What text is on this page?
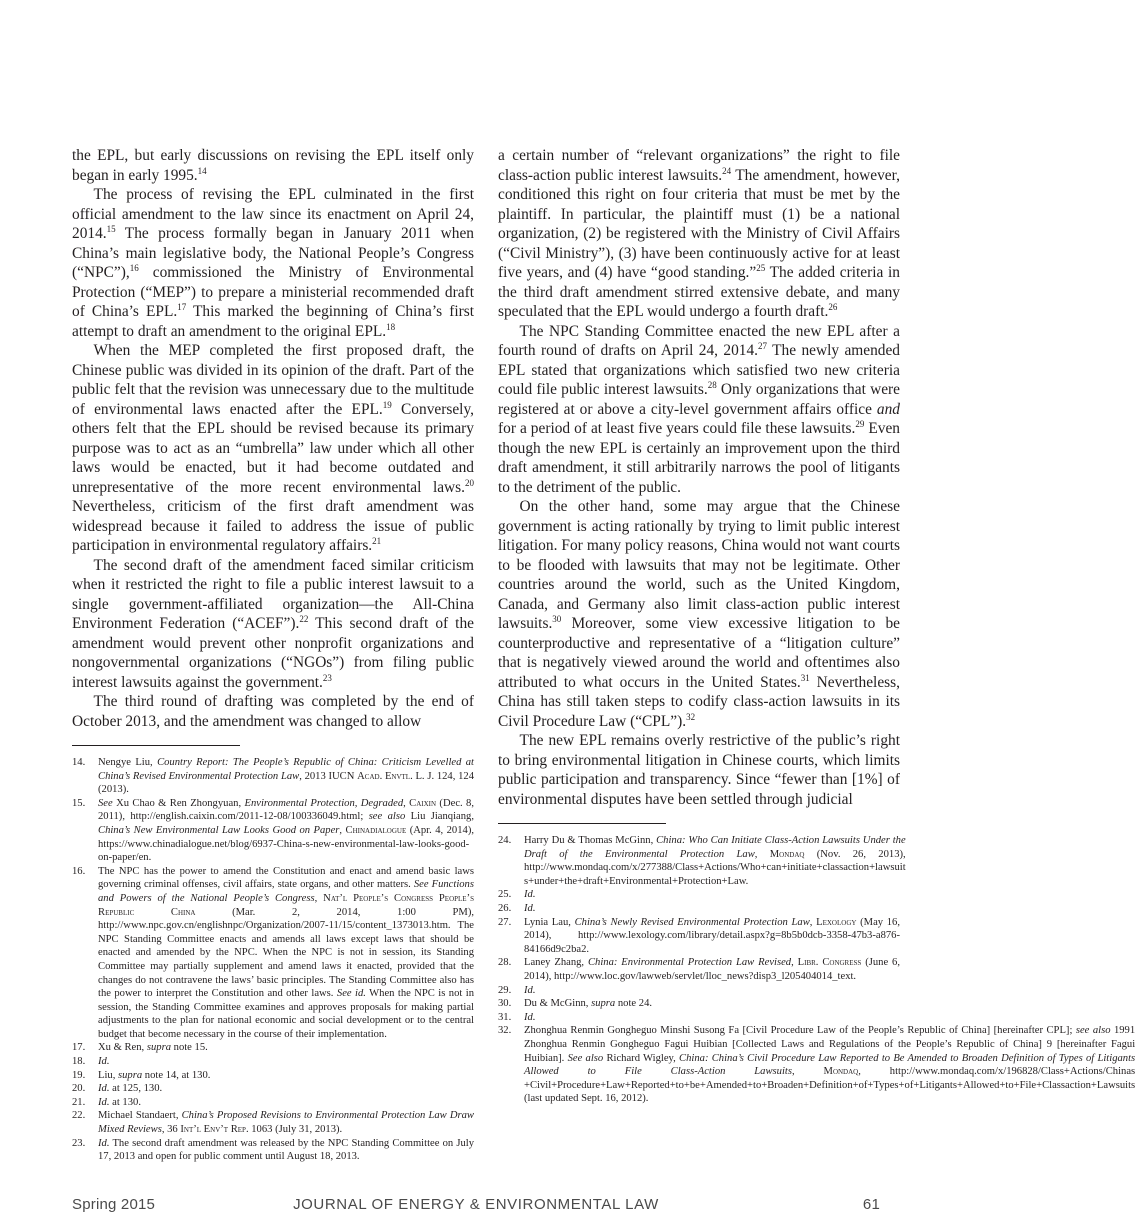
the EPL, but early discussions on revising the EPL itself only began in early 1995.14

The process of revising the EPL culminated in the first official amendment to the law since its enactment on April 24, 2014.15 The process formally began in January 2011 when China’s main legislative body, the National People’s Congress (“NPC”),$^{16}$ commissioned the Ministry of Environmental Protection (“MEP”) to prepare a ministerial recommended draft of China’s EPL.$^{17}$ This marked the beginning of China’s first attempt to draft an amendment to the original EPL.$^{18}$

When the MEP completed the first proposed draft, the Chinese public was divided in its opinion of the draft. Part of the public felt that the revision was unnecessary due to the multitude of environmental laws enacted after the EPL.$^{19}$ Conversely, others felt that the EPL should be revised because its primary purpose was to act as an “umbrella” law under which all other laws would be enacted, but it had become outdated and unrepresentative of the more recent environmental laws.$^{20}$ Nevertheless, criticism of the first draft amendment was widespread because it failed to address the issue of public participation in environmental regulatory affairs.$^{21}$

The second draft of the amendment faced similar criticism when it restricted the right to file a public interest lawsuit to a single government-affiliated organization—the All-China Environment Federation (“ACEF”).$^{22}$ This second draft of the amendment would prevent other nonprofit organizations and nongovernmental organizations (“NGOs”) from filing public interest lawsuits against the government.$^{23}$

The third round of drafting was completed by the end of October 2013, and the amendment was changed to allow

14.	Nengye Liu, Country Report: The People’s Republic of China: Criticism Levelled at China’s Revised Environmental Protection Law, 2013 IUCN Acad. Envtl. L. J. 124, 124 (2013).
15.	See Xu Chao & Ren Zhongyuan, Environmental Protection, Degraded, Caixin (Dec. 8, 2011), http://english.caixin.com/2011-12-08/100336049.html; see also Liu Jianqiang, China’s New Environmental Law Looks Good on Paper, Chinadialogue (Apr. 4, 2014), https://www.chinadialogue.net/blog/6937-China-s-new-environmental-law-looks-good-on-paper/en.
16.	The NPC has the power to amend the Constitution and enact and amend basic laws governing criminal offenses, civil affairs, state organs, and other matters. See Functions and Powers of the National People’s Congress, Nat’l People’s Congress People’s Republic China (Mar. 2, 2014, 1:00 PM), http://www.npc.gov.cn/englishnpc/Organization/2007-11/15/content_1373013.htm. The NPC Standing Committee enacts and amends all laws except laws that should be enacted and amended by the NPC. When the NPC is not in session, its Standing Committee may partially supplement and amend laws it enacted, provided that the changes do not contravene the laws’ basic principles. The Standing Committee also has the power to interpret the Constitution and other laws. See id. When the NPC is not in session, the Standing Committee examines and approves proposals for making partial adjustments to the plan for national economic and social development or to the central budget that become necessary in the course of their implementation.
17.	Xu & Ren, supra note 15.
18.	Id.
19.	Liu, supra note 14, at 130.
20.	Id. at 125, 130.
21.	Id. at 130.
22.	Michael Standaert, China’s Proposed Revisions to Environmental Protection Law Draw Mixed Reviews, 36 Int’l Env’t Rep. 1063 (July 31, 2013).
23.	Id. The second draft amendment was released by the NPC Standing Committee on July 17, 2013 and open for public comment until August 18, 2013.

a certain number of “relevant organizations” the right to file class-action public interest lawsuits.$^{24}$ The amendment, however, conditioned this right on four criteria that must be met by the plaintiff. In particular, the plaintiff must (1) be a national organization, (2) be registered with the Ministry of Civil Affairs (“Civil Ministry”), (3) have been continuously active for at least five years, and (4) have “good standing.”$^{25}$ The added criteria in the third draft amendment stirred extensive debate, and many speculated that the EPL would undergo a fourth draft.$^{26}$

The NPC Standing Committee enacted the new EPL after a fourth round of drafts on April 24, 2014.27 The newly amended EPL stated that organizations which satisfied two new criteria could file public interest lawsuits.$^{28}$ Only organizations that were registered at or above a city-level government affairs office and for a period of at least five years could file these lawsuits.$^{29}$ Even though the new EPL is certainly an improvement upon the third draft amendment, it still arbitrarily narrows the pool of litigants to the detriment of the public.

On the other hand, some may argue that the Chinese government is acting rationally by trying to limit public interest litigation. For many policy reasons, China would not want courts to be flooded with lawsuits that may not be legitimate. Other countries around the world, such as the United Kingdom, Canada, and Germany also limit class-action public interest lawsuits.$^{30}$ Moreover, some view excessive litigation to be counterproductive and representative of a “litigation culture” that is negatively viewed around the world and oftentimes also attributed to what occurs in the United States.$^{31}$ Nevertheless, China has still taken steps to codify class-action lawsuits in its Civil Procedure Law (“CPL”).$^{32}$

The new EPL remains overly restrictive of the public’s right to bring environmental litigation in Chinese courts, which limits public participation and transparency. Since “fewer than [1%] of environmental disputes have been settled through judicial

24.	Harry Du & Thomas McGinn, China: Who Can Initiate Class-Action Lawsuits Under the Draft of the Environmental Protection Law, Mondaq (Nov. 26, 2013), http://www.mondaq.com/x/277388/Class+Actions/Who+can+initiate+classaction+lawsuit s+under+the+draft+Environmental+Protection+Law.
25.	Id.
26.	Id.
27.	Lynia Lau, China’s Newly Revised Environmental Protection Law, Lexology (May 16, 2014), http://www.lexology.com/library/detail.aspx?g=8b5b0dcb-3358-47b3-a876-84166d9c2ba2.
28.	Laney Zhang, China: Environmental Protection Law Revised, Libr. Congress (June 6, 2014), http://www.loc.gov/lawweb/servlet/lloc_news?disp3_l205404014_text.
29.	Id.
30.	Du & McGinn, supra note 24.
31.	Id.
32.	Zhonghua Renmin Gongheguo Minshi Susong Fa [Civil Procedure Law of the People’s Republic of China] [hereinafter CPL]; see also 1991 Zhonghua Renmin Gongheguo Fagui Huibian [Collected Laws and Regulations of the People’s Republic of China] 9 [hereinafter Fagui Huibian]. See also Richard Wigley, China: China’s Civil Procedure Law Reported to Be Amended to Broaden Definition of Types of Litigants Allowed to File Class-Action Lawsuits, Mondaq, http://www.mondaq.com/x/196828/Class+Actions/Chinas +Civil+Procedure+Law+Reported+to+be+Amended+to+Broaden+Definition+of+Types+of+Litigants+Allowed+to+File+Classaction+Lawsuits (last updated Sept. 16, 2012).
Spring 2015	JOURNAL OF ENERGY & ENVIRONMENTAL LAW	61
